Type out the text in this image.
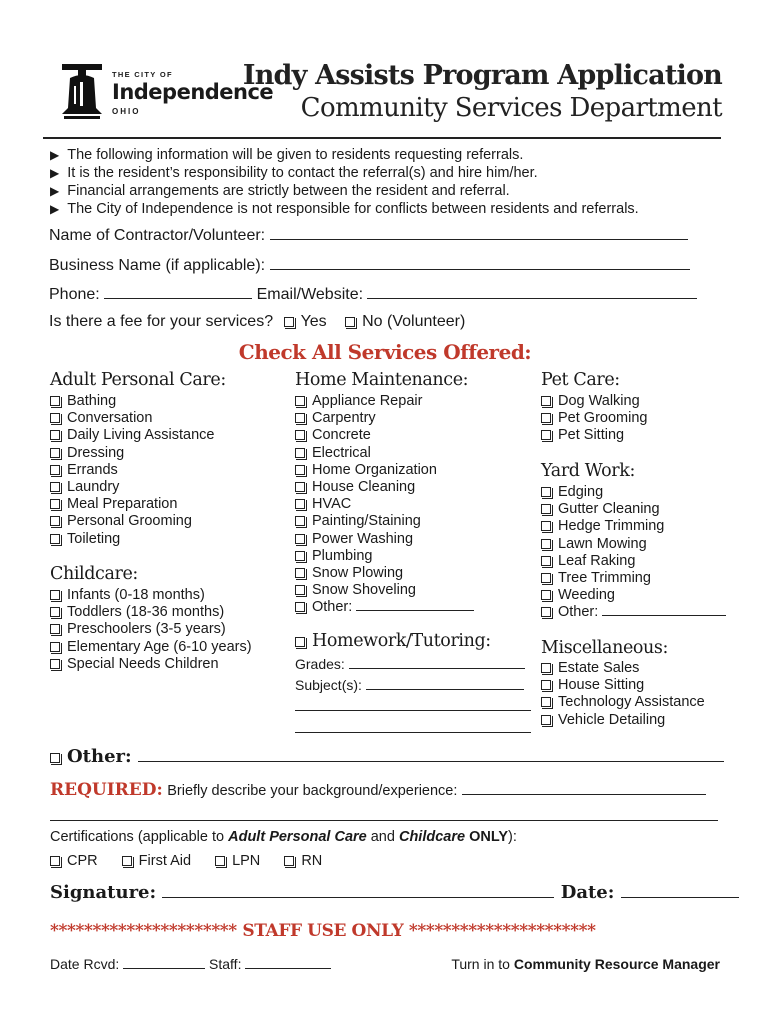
THE CITY OF
Independence
OHIO
Indy Assists Program Application
Community Services Department
▶ The following information will be given to residents requesting referrals.
▶ It is the resident’s responsibility to contact the referral(s) and hire him/her.
▶ Financial arrangements are strictly between the resident and referral.
▶ The City of Independence is not responsible for conflicts between residents and referrals.
Name of Contractor/Volunteer:
Business Name (if applicable):
Phone:	Email/Website:
Is there a fee for your services? Yes No (Volunteer)
Check All Services Offered:
Adult Personal Care:
Bathing
Conversation
Daily Living Assistance
Dressing
Errands
Laundry
Meal Preparation
Personal Grooming
Toileting
Childcare:
Infants (0-18 months)
Toddlers (18-36 months)
Preschoolers (3-5 years)
Elementary Age (6-10 years)
Special Needs Children
Home Maintenance:
Appliance Repair
Carpentry
Concrete
Electrical
Home Organization
House Cleaning
HVAC
Painting/Staining
Power Washing
Plumbing
Snow Plowing
Snow Shoveling
Other:
Homework/Tutoring:
Grades:
Subject(s):
Pet Care:
Dog Walking
Pet Grooming
Pet Sitting
Yard Work:
Edging
Gutter Cleaning
Hedge Trimming
Lawn Mowing
Leaf Raking
Tree Trimming
Weeding
Other:
Miscellaneous:
Estate Sales
House Sitting
Technology Assistance
Vehicle Detailing
Other:
REQUIRED: Briefly describe your background/experience:
Certifications (applicable to Adult Personal Care and Childcare ONLY):
CPR	First Aid	LPN	RN
Signature:	Date:
********************** STAFF USE ONLY **********************
Date Rcvd:	Staff:	Turn in to Community Resource Manager
